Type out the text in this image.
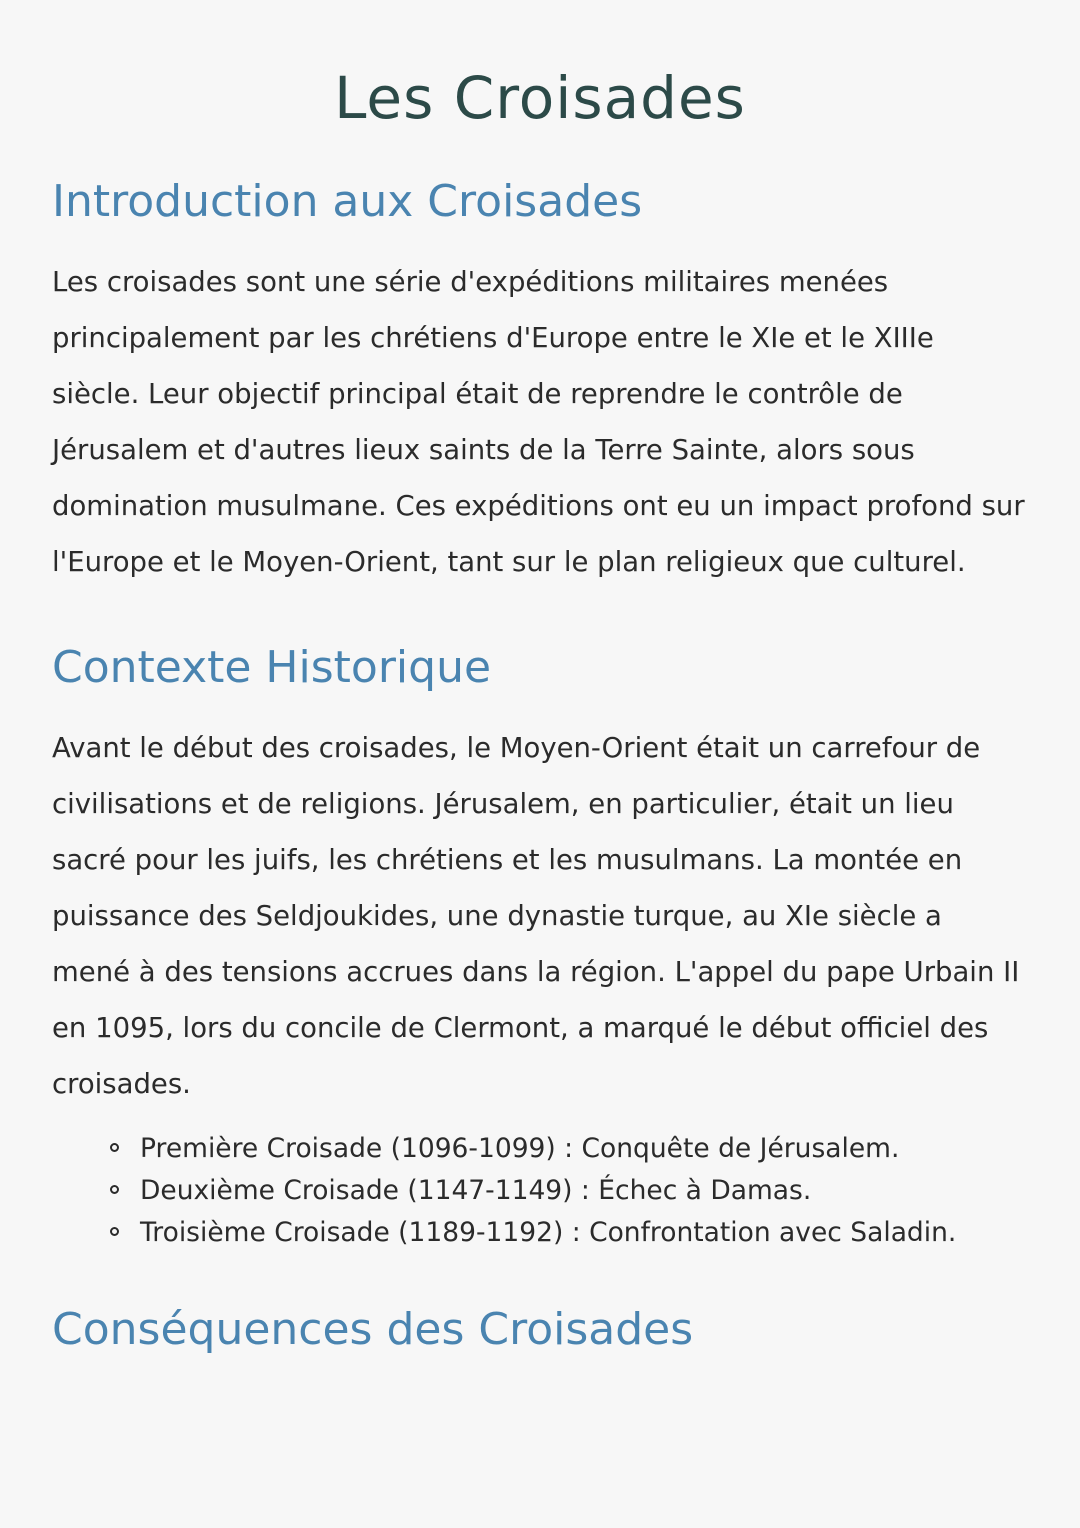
Les Croisades
Introduction aux Croisades

Les croisades sont une série d'expéditions militaires menées principalement par les chrétiens d'Europe entre le XIe et le XIIIe siècle. Leur objectif principal était de reprendre le contrôle de Jérusalem et d'autres lieux saints de la Terre Sainte, alors sous domination musulmane. Ces expéditions ont eu un impact profond sur l'Europe et le Moyen-Orient, tant sur le plan religieux que culturel.

Contexte Historique

Avant le début des croisades, le Moyen-Orient était un carrefour de civilisations et de religions. Jérusalem, en particulier, était un lieu sacré pour les juifs, les chrétiens et les musulmans. La montée en puissance des Seldjoukides, une dynastie turque, au XIe siècle a mené à des tensions accrues dans la région. L'appel du pape Urbain II en 1095, lors du concile de Clermont, a marqué le début officiel des croisades.

Première Croisade (1096-1099) : Conquête de Jérusalem.
Deuxième Croisade (1147-1149) : Échec à Damas.
Troisième Croisade (1189-1192) : Confrontation avec Saladin.
Conséquences des Croisades
